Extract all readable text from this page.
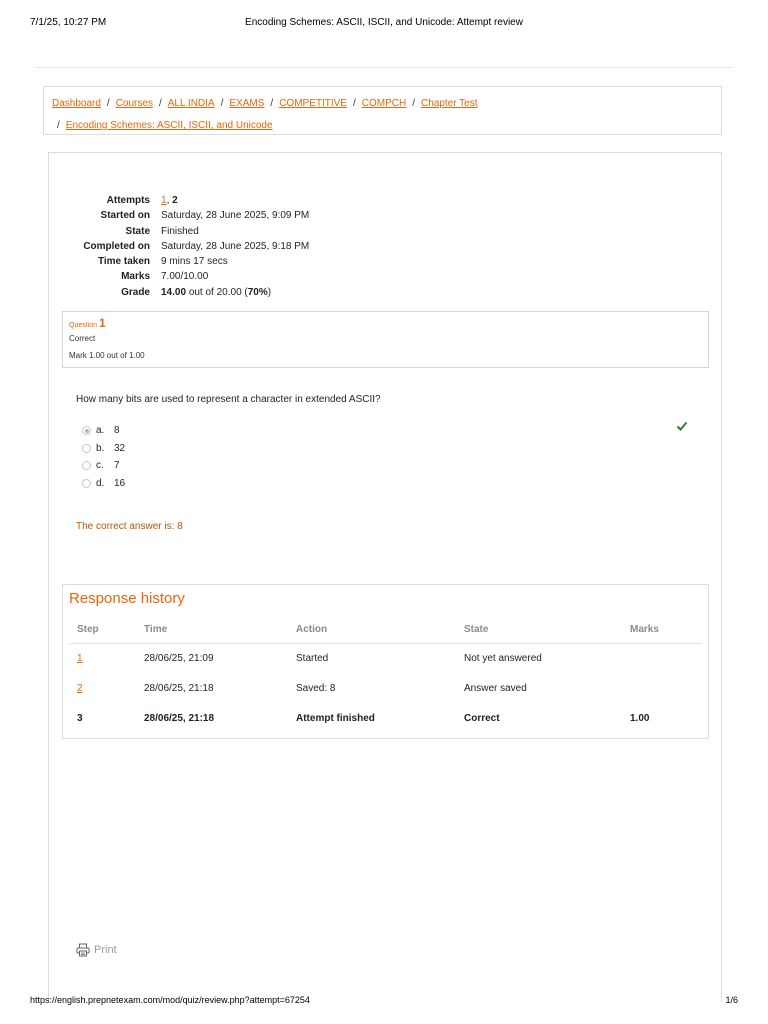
7/1/25, 10:27 PM	Encoding Schemes: ASCII, ISCII, and Unicode: Attempt review
Dashboard / Courses / ALL INDIA / EXAMS / COMPETITIVE / COMPCH / Chapter Test
/ Encoding Schemes: ASCII, ISCII, and Unicode
Attempts	1, 2
Started on	Saturday, 28 June 2025, 9:09 PM
State	Finished
Completed on	Saturday, 28 June 2025, 9:18 PM
Time taken	9 mins 17 secs
Marks	7.00/10.00
Grade	14.00 out of 20.00 (70%)
Question 1
Correct
Mark 1.00 out of 1.00
How many bits are used to represent a character in extended ASCII?
a. 8
b. 32
c.	7
d. 16
The correct answer is: 8
Response history
Step	Time	Action	State	Marks
1	28/06/25, 21:09	Started	Not yet answered	
2	28/06/25, 21:18	Saved: 8	Answer saved	
3	28/06/25, 21:18	Attempt finished	Correct	1.00
Print
https://english.prepnetexam.com/mod/quiz/review.php?attempt=67254	1/6
